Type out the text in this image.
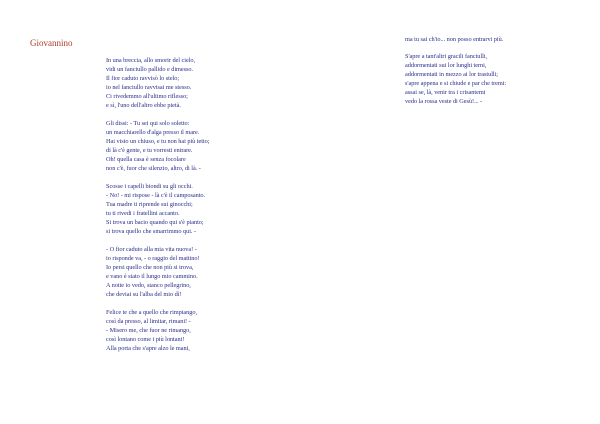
Giovannino
In una breccia, allo smorir del cielo,
vidi un fanciullo pallido e dimesso.
Il fior caduto ravvisò lo stelo;
io nel fanciullo ravvisai me stesso.
Ci rivedemmo all'ultimo riflesso;
e sì, l'uno dell'altro ebbe pietà.
Gli dissi: - Tu sei qui solo soletto:
un macchiarello d'alga presso il mare.
Hai visto un chiuso, e tu non hai più tetto;
di là c'è gente, e tu vorresti entrare.
Oh! quella casa è senza focolare
non c'è, fuor che silenzio, altro, di là. -
Scosse i capelli biondi su gli occhi.
- No! - mi rispose - là c'è il camposanto.
Tua madre ti riprende sui ginocchi;
tu ti rivedi i fratellini accanto.
Si trova un bacio quando qui s'è pianto;
si trova quello che smarrimmo qui. -
- O fior caduto alla mia vita nuova! -
io risponde va, - o raggio del mattino!
Io persi quello che non più si trova,
e vano è stato il lungo mio cammino.
A notte io vedo, stanco pellegrino,
che deviai su l'alba del mio dì!
Felice te che a quello che rimpiango,
così da presso, al limitar, rimani! -
- Misero me, che fuor ne rimango,
così lontano come i più lontani!
Alla porta che s'apre alzo le mani,
ma tu sai ch'io... non posso entrarvi più.
S'apre a tant'altri gracili fanciulli,
addormentati sui lor lunghi terni,
addormentati in mezzo ai lor trastulli;
s'apre appena e si chiude e par che tremi:
assai se, là, venir tra i crisantemi
vedo la rossa veste di Gesù!... -
